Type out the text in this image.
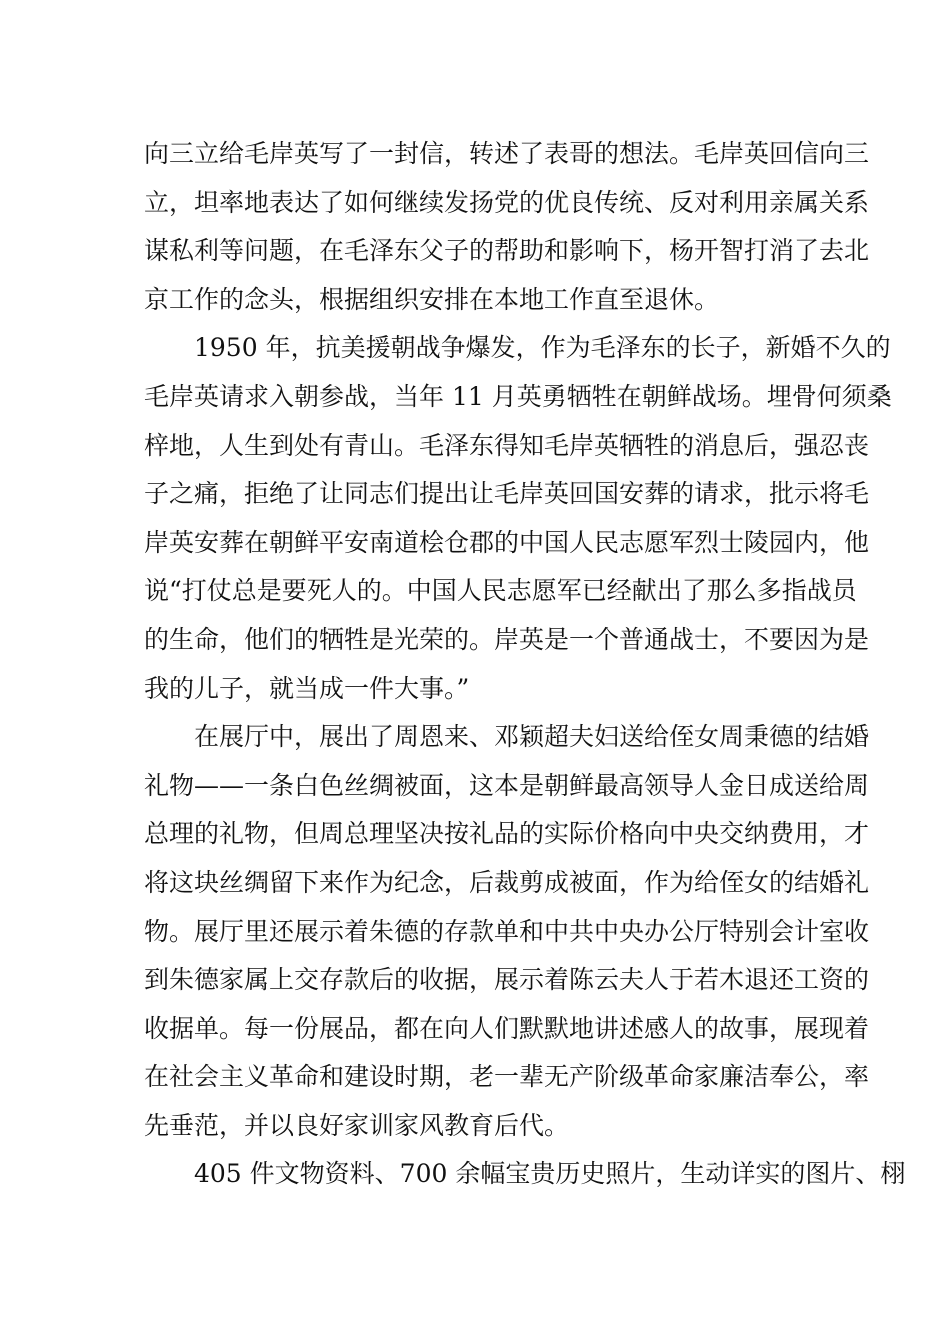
向三立给毛岸英写了一封信，转述了表哥的想法。毛岸英回信向三
立，坦率地表达了如何继续发扬党的优良传统、反对利用亲属关系
谋私利等问题，在毛泽东父子的帮助和影响下，杨开智打消了去北
京工作的念头，根据组织安排在本地工作直至退休。
1950 年，抗美援朝战争爆发，作为毛泽东的长子，新婚不久的
毛岸英请求入朝参战，当年 11 月英勇牺牲在朝鲜战场。埋骨何须桑
梓地，人生到处有青山。毛泽东得知毛岸英牺牲的消息后，强忍丧
子之痛，拒绝了让同志们提出让毛岸英回国安葬的请求，批示将毛
岸英安葬在朝鲜平安南道桧仓郡的中国人民志愿军烈士陵园内，他
说“打仗总是要死人的。中国人民志愿军已经献出了那么多指战员
的生命，他们的牺牲是光荣的。岸英是一个普通战士，不要因为是
我的儿子，就当成一件大事。”
在展厅中，展出了周恩来、邓颖超夫妇送给侄女周秉德的结婚
礼物——一条白色丝绸被面，这本是朝鲜最高领导人金日成送给周
总理的礼物，但周总理坚决按礼品的实际价格向中央交纳费用，才
将这块丝绸留下来作为纪念，后裁剪成被面，作为给侄女的结婚礼
物。展厅里还展示着朱德的存款单和中共中央办公厅特别会计室收
到朱德家属上交存款后的收据，展示着陈云夫人于若木退还工资的
收据单。每一份展品，都在向人们默默地讲述感人的故事，展现着
在社会主义革命和建设时期，老一辈无产阶级革命家廉洁奉公，率
先垂范，并以良好家训家风教育后代。
405 件文物资料、700 余幅宝贵历史照片，生动详实的图片、栩
